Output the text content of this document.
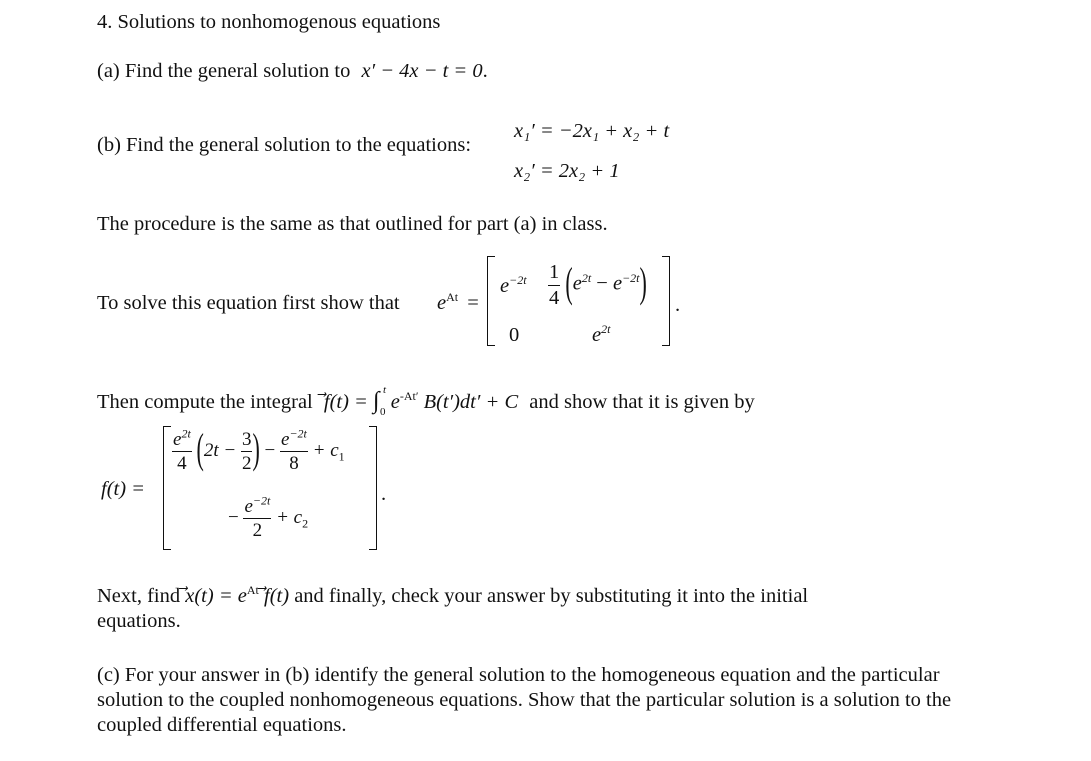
4. Solutions to nonhomogenous equations
(a) Find the general solution to x′ − 4x − t = 0.
(b) Find the general solution to the equations:
x₁′ = −2x₁ + x₂ + t
x₂′ = 2x₂ + 1
The procedure is the same as that outlined for part (a) in class.
To solve this equation first show that $e^{At}$ =
$e^{-2t} \frac{1}{4} (e^{2t} - e^{-2t})$
0	$e^{2t}$
.
Then compute the integral f(t) = ∫ t
0 $e^{-At'}$ B(t′)dt′ + C and show that it is given by
f(t) =
$\frac{e^{2t}}{4} (2t - \frac{3}{2}$ ) − $\frac{e^{-2t}}{8} + c_1$
− $\frac{e^{-2t}}{2} + c_2$
.
Next, find $x(t) = e^{At}$ f(t) and finally, check your answer by substituting it into the initial
equations.
(c) For your answer in (b) identify the general solution to the homogeneous equation and the particular solution to the coupled nonhomogeneous equations. Show that the particular solution is a solution to the coupled differential equations.
